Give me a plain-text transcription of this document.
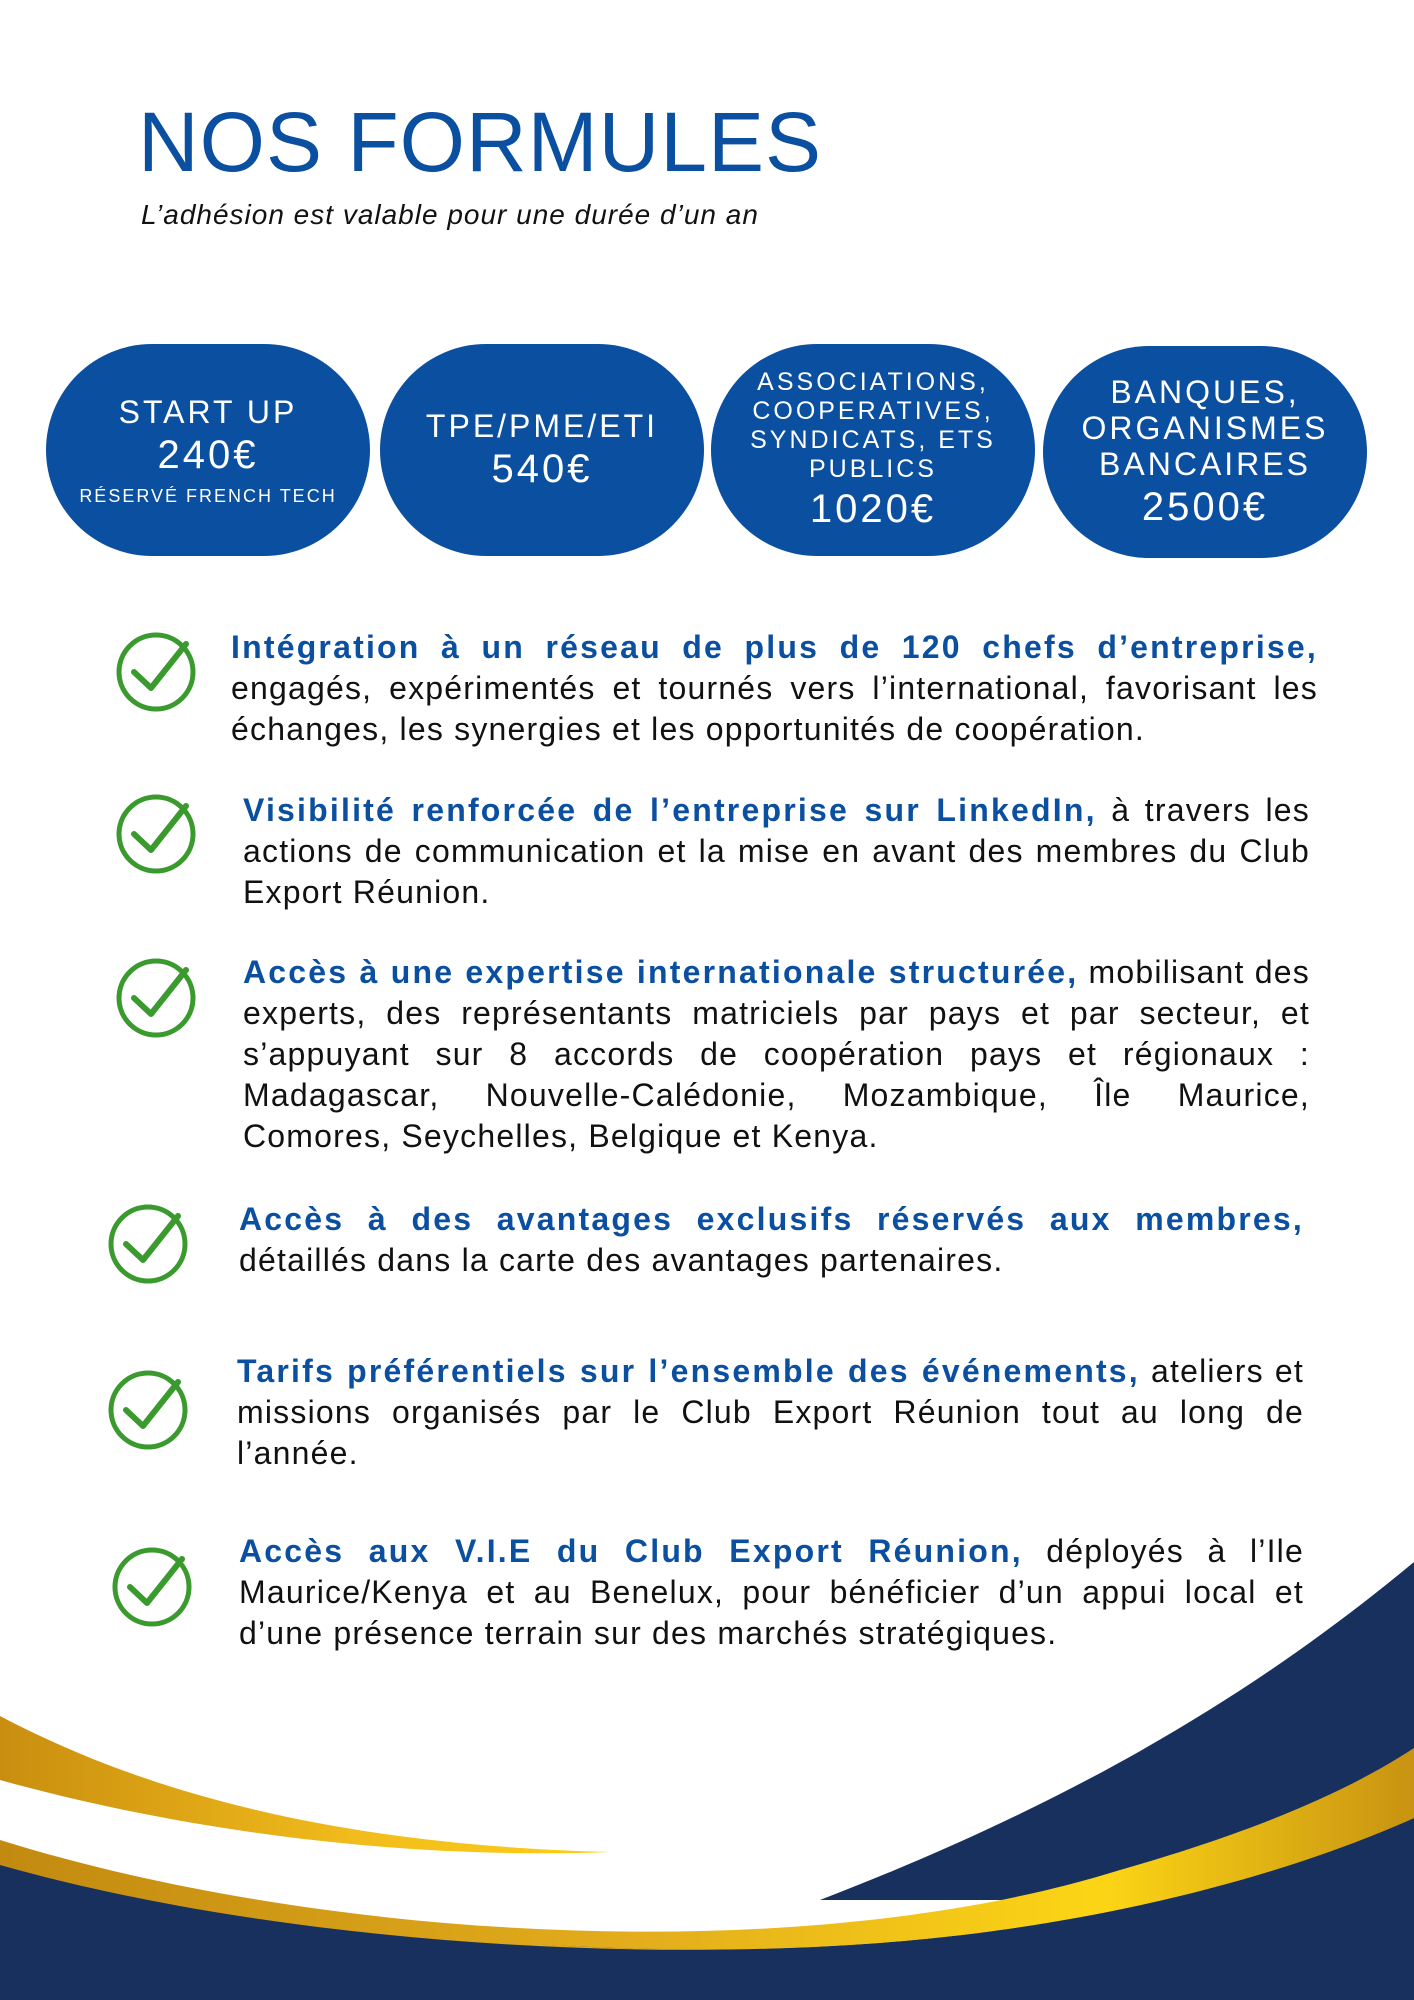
NOS FORMULES
L’adhésion est valable pour une durée d’un an
START UP
240€
RÉSERVÉ FRENCH TECH
TPE/PME/ETI
540€
ASSOCIATIONS, COOPERATIVES, SYNDICATS, ETS PUBLICS
1020€
BANQUES, ORGANISMES BANCAIRES
2500€
Intégration à un réseau de plus de 120 chefs d’entreprise, engagés, expérimentés et tournés vers l’international, favorisant les échanges, les synergies et les opportunités de coopération.
Visibilité renforcée de l’entreprise sur LinkedIn, à travers les actions de communication et la mise en avant des membres du Club Export Réunion.
Accès à une expertise internationale structurée, mobilisant des experts, des représentants matriciels par pays et par secteur, et s’appuyant sur 8 accords de coopération pays et régionaux : Madagascar, Nouvelle-Calédonie, Mozambique, Île Maurice, Comores, Seychelles, Belgique et Kenya.
Accès à des avantages exclusifs réservés aux membres, détaillés dans la carte des avantages partenaires.
Tarifs préférentiels sur l’ensemble des événements, ateliers et missions organisés par le Club Export Réunion tout au long de l’année.
Accès aux V.I.E du Club Export Réunion, déployés à l’Ile Maurice/Kenya et au Benelux, pour bénéficier d’un appui local et d’une présence terrain sur des marchés stratégiques.
